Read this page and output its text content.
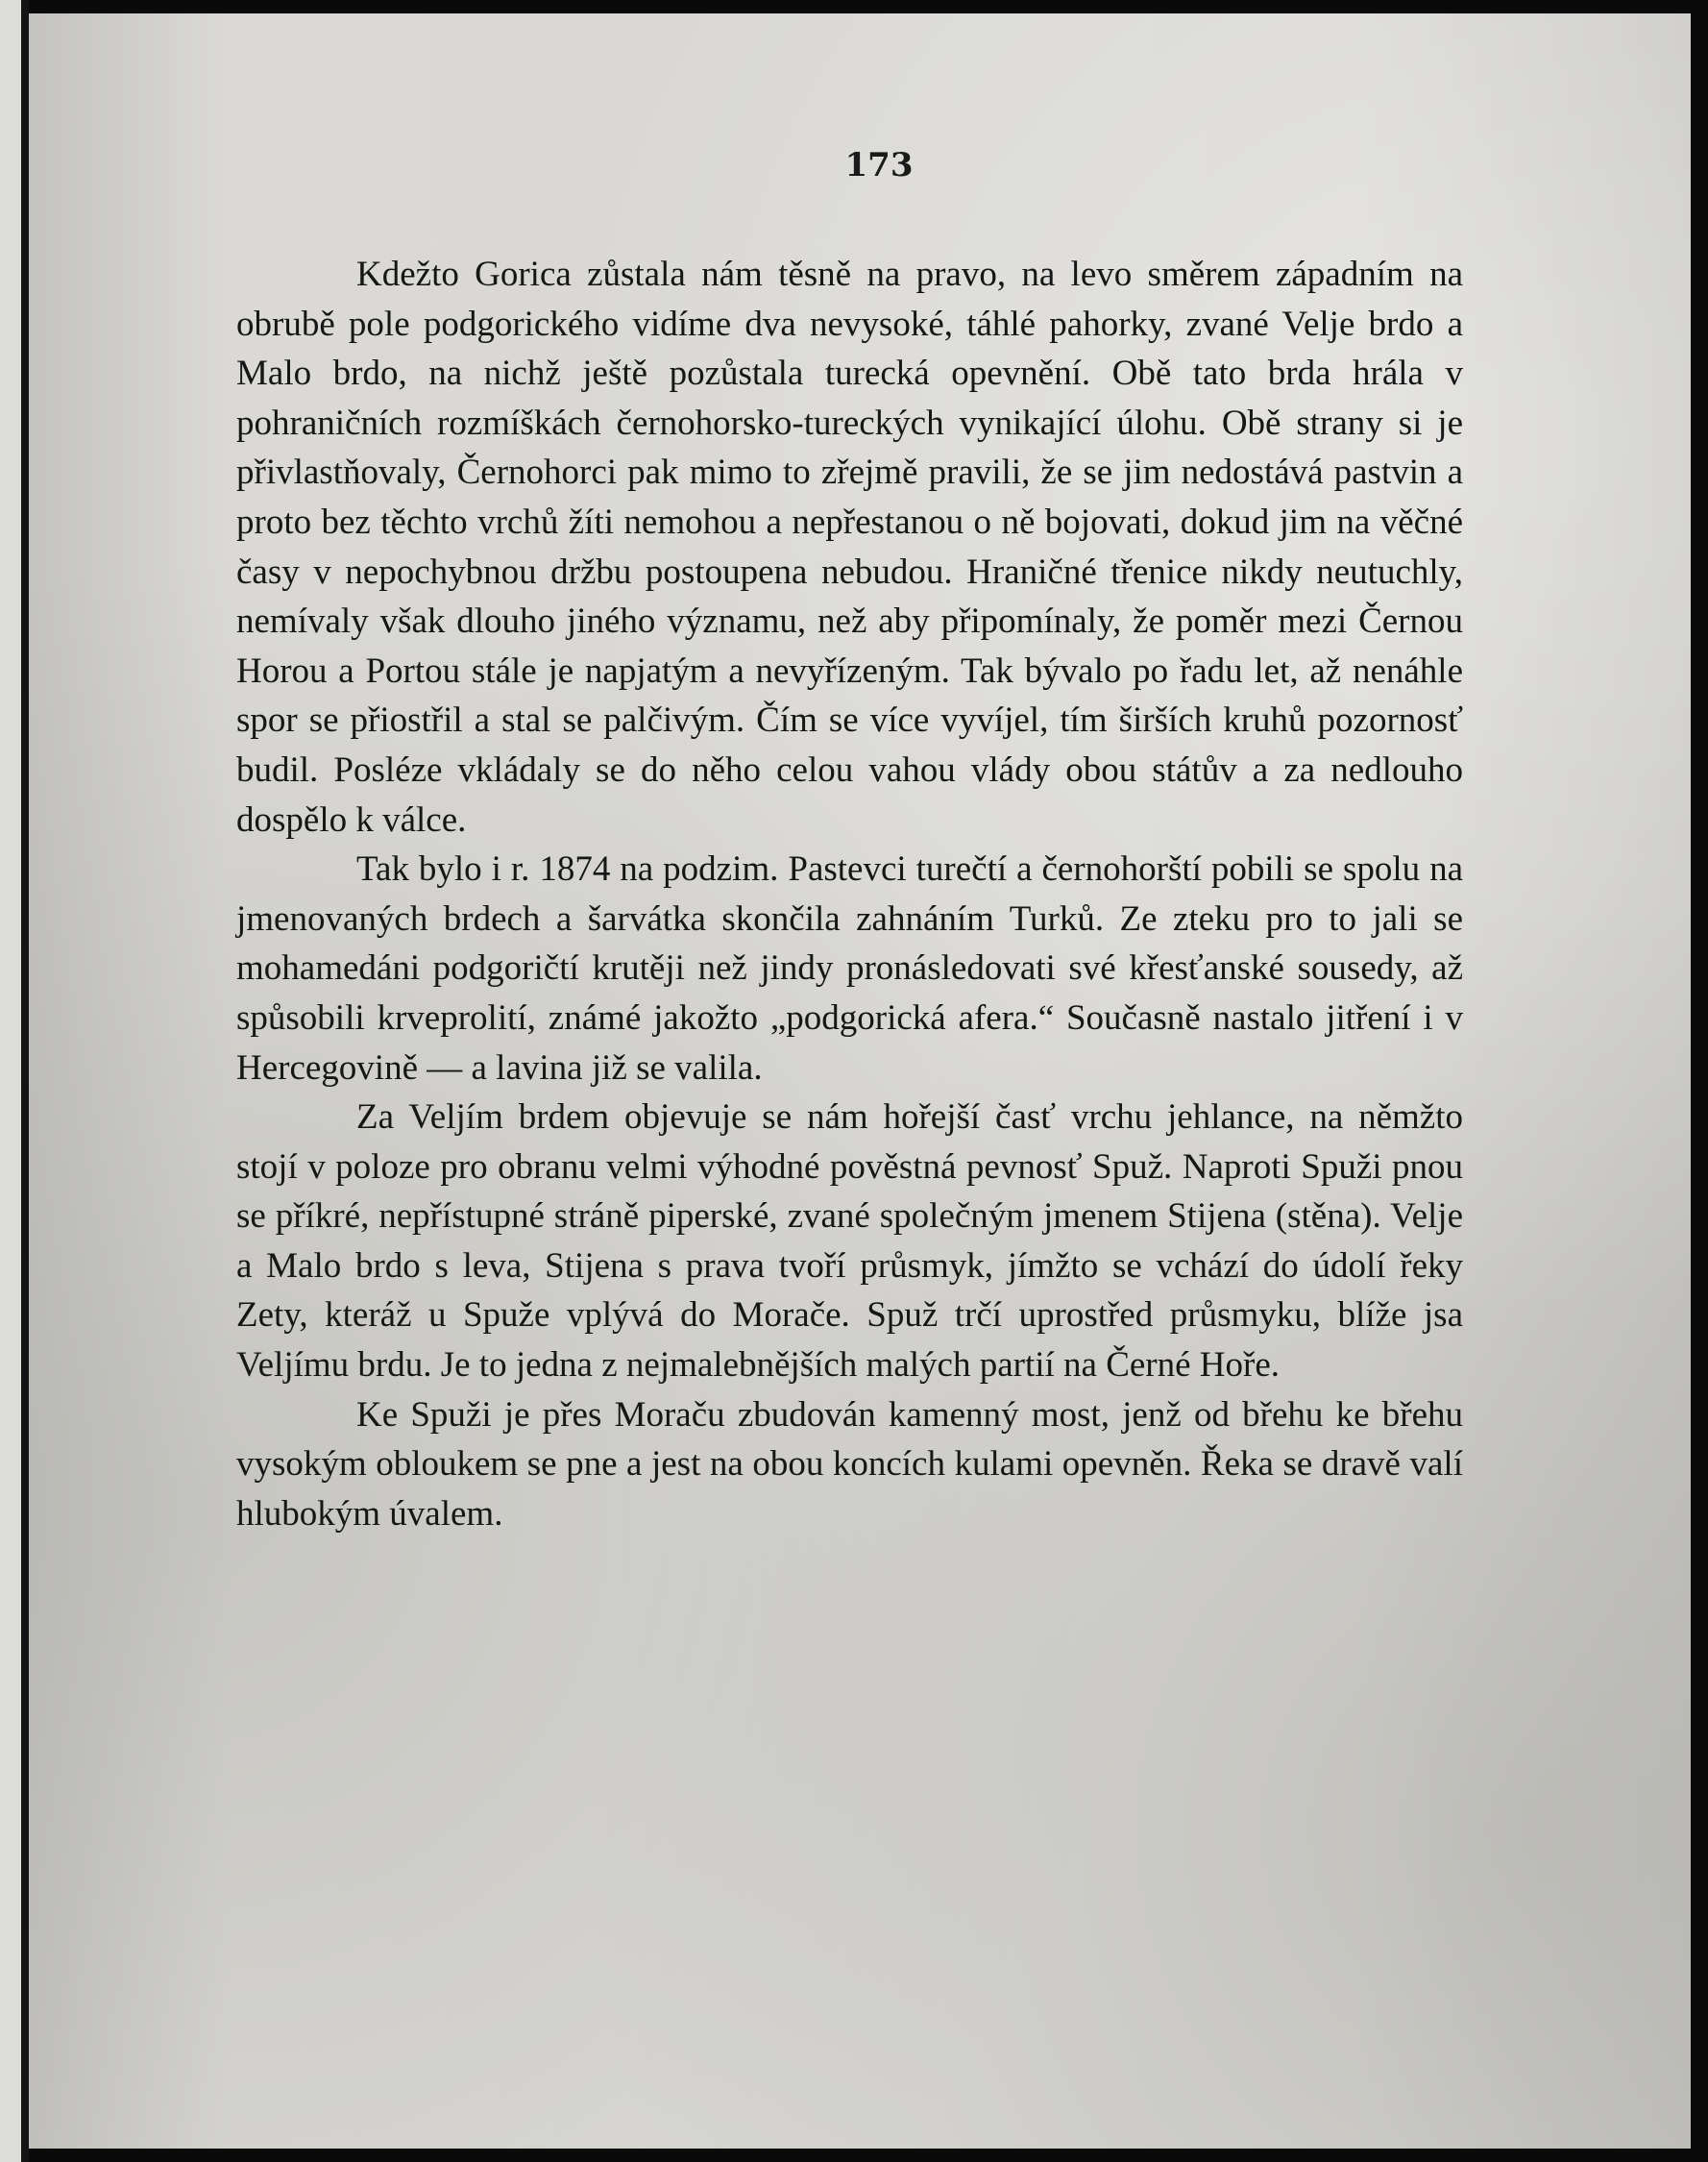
173

Kdežto Gorica zůstala nám těsně na pravo, na levo směrem západním na obrubě pole podgorického vidíme dva nevysoké, táhlé pahorky, zvané Velje brdo a Malo brdo, na nichž ještě pozůstala turecká opevnění. Obě tato brda hrála v pohraničních rozmíškách černohorsko-tureckých vynikající úlohu. Obě strany si je přivlastňovaly, Černohorci pak mimo to zřejmě pravili, že se jim nedostává pastvin a proto bez těchto vrchů žíti nemohou a nepřestanou o ně bojovati, dokud jim na věčné časy v nepochybnou držbu postoupena nebudou. Hraničné třenice nikdy neutuchly, nemívaly však dlouho jiného významu, než aby připomínaly, že poměr mezi Černou Horou a Portou stále je napjatým a nevyřízeným. Tak bývalo po řadu let, až nenáhle spor se přiostřil a stal se palčivým. Čím se více vyvíjel, tím širších kruhů pozornosť budil. Posléze vkládaly se do něho celou vahou vlády obou státův a za nedlouho dospělo k válce.

Tak bylo i r. 1874 na podzim. Pastevci turečtí a černohorští pobili se spolu na jmenovaných brdech a šarvátka skončila zahnáním Turků. Ze zteku pro to jali se mohamedáni podgoričtí krutěji než jindy pronásledovati své křesťanské sousedy, až spůsobili krveprolití, známé jakožto „podgorická afera.“ Současně nastalo jitření i v Hercegovině — a lavina již se valila.

Za Veljím brdem objevuje se nám hořejší časť vrchu jehlance, na němžto stojí v poloze pro obranu velmi výhodné pověstná pevnosť Spuž. Naproti Spuži pnou se příkré, nepřístupné stráně piperské, zvané společným jmenem Stijena (stěna). Velje a Malo brdo s leva, Stijena s prava tvoří průsmyk, jímžto se vchází do údolí řeky Zety, kteráž u Spuže vplývá do Morače. Spuž trčí uprostřed průsmyku, blíže jsa Veljímu brdu. Je to jedna z nejmalebnějších malých partií na Černé Hoře.

Ke Spuži je přes Moraču zbudován kamenný most, jenž od břehu ke břehu vysokým obloukem se pne a jest na obou koncích kulami opevněn. Řeka se dravě valí hlubokým úvalem.
